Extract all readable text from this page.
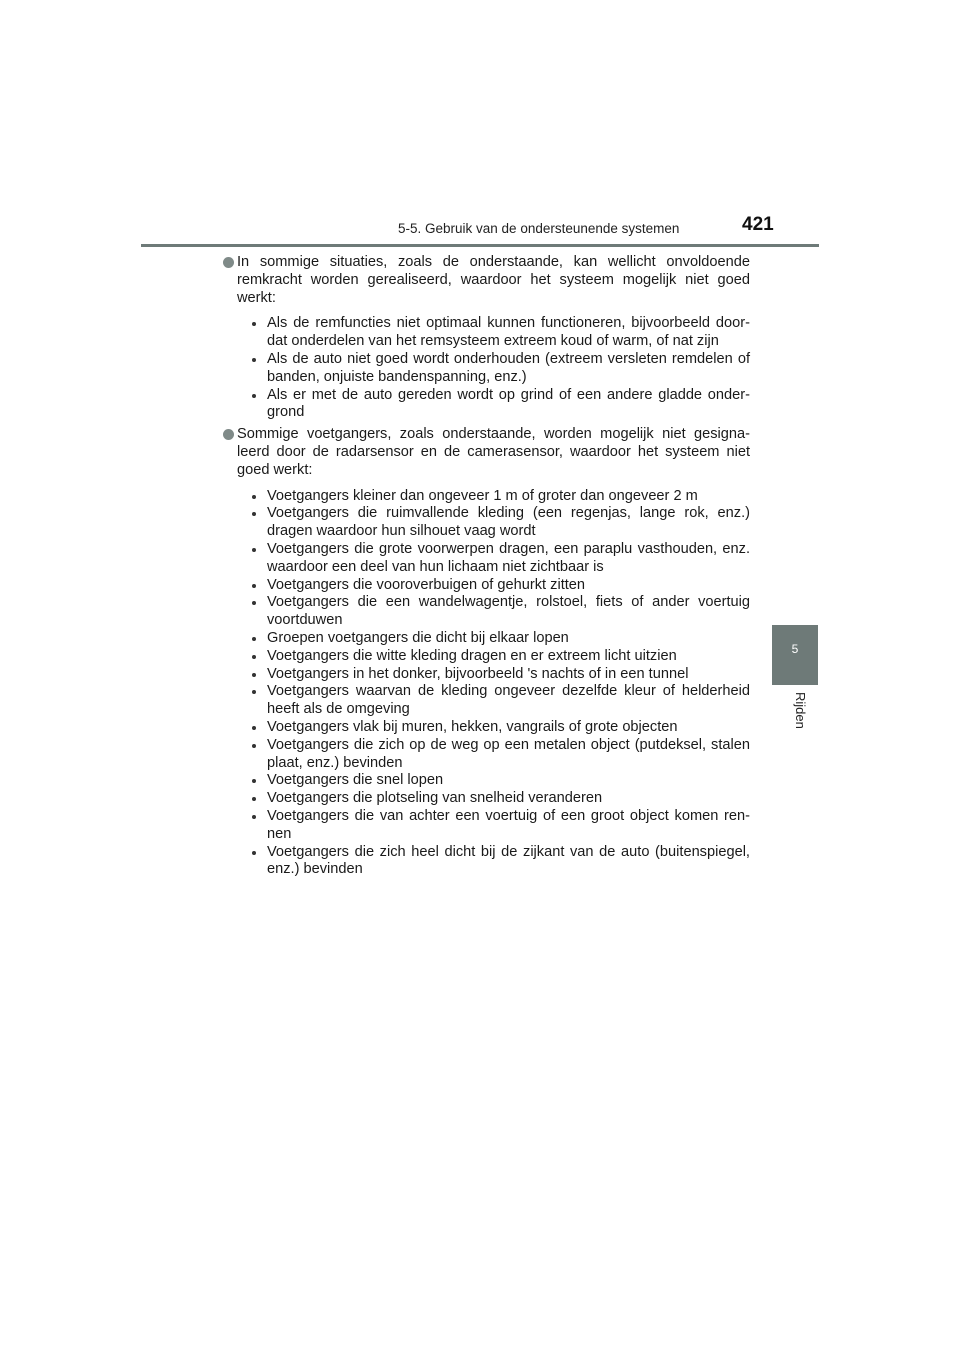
5-5. Gebruik van de ondersteunende systemen	421
5
Rijden
In sommige situaties, zoals de onderstaande, kan wellicht onvoldoende remkracht worden gerealiseerd, waardoor het systeem mogelijk niet goed werkt:
Als de remfuncties niet optimaal kunnen functioneren, bijvoorbeeld door-dat onderdelen van het remsysteem extreem koud of warm, of nat zijn
Als de auto niet goed wordt onderhouden (extreem versleten remdelen of banden, onjuiste bandenspanning, enz.)
Als er met de auto gereden wordt op grind of een andere gladde onder-grond
Sommige voetgangers, zoals onderstaande, worden mogelijk niet gesigna-leerd door de radarsensor en de camerasensor, waardoor het systeem niet goed werkt:
Voetgangers kleiner dan ongeveer 1 m of groter dan ongeveer 2 m
Voetgangers die ruimvallende kleding (een regenjas, lange rok, enz.) dragen waardoor hun silhouet vaag wordt
Voetgangers die grote voorwerpen dragen, een paraplu vasthouden, enz. waardoor een deel van hun lichaam niet zichtbaar is
Voetgangers die vooroverbuigen of gehurkt zitten
Voetgangers die een wandelwagentje, rolstoel, fiets of ander voertuig voortduwen
Groepen voetgangers die dicht bij elkaar lopen
Voetgangers die witte kleding dragen en er extreem licht uitzien
Voetgangers in het donker, bijvoorbeeld 's nachts of in een tunnel
Voetgangers waarvan de kleding ongeveer dezelfde kleur of helderheid heeft als de omgeving
Voetgangers vlak bij muren, hekken, vangrails of grote objecten
Voetgangers die zich op de weg op een metalen object (putdeksel, stalen plaat, enz.) bevinden
Voetgangers die snel lopen
Voetgangers die plotseling van snelheid veranderen
Voetgangers die van achter een voertuig of een groot object komen ren-nen
Voetgangers die zich heel dicht bij de zijkant van de auto (buitenspiegel, enz.) bevinden
